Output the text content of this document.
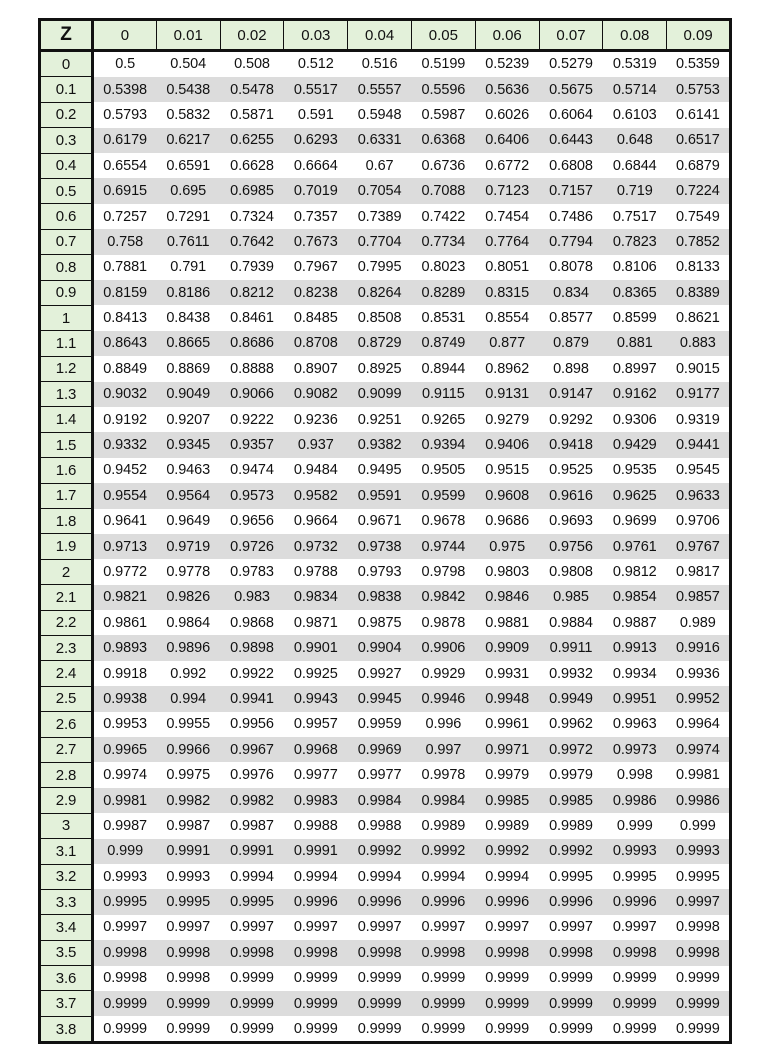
Z	0	0.01	0.02	0.03	0.04	0.05	0.06	0.07	0.08	0.09
0	0.5	0.504	0.508	0.512	0.516	0.5199	0.5239	0.5279	0.5319	0.5359
0.1	0.5398	0.5438	0.5478	0.5517	0.5557	0.5596	0.5636	0.5675	0.5714	0.5753
0.2	0.5793	0.5832	0.5871	0.591	0.5948	0.5987	0.6026	0.6064	0.6103	0.6141
0.3	0.6179	0.6217	0.6255	0.6293	0.6331	0.6368	0.6406	0.6443	0.648	0.6517
0.4	0.6554	0.6591	0.6628	0.6664	0.67	0.6736	0.6772	0.6808	0.6844	0.6879
0.5	0.6915	0.695	0.6985	0.7019	0.7054	0.7088	0.7123	0.7157	0.719	0.7224
0.6	0.7257	0.7291	0.7324	0.7357	0.7389	0.7422	0.7454	0.7486	0.7517	0.7549
0.7	0.758	0.7611	0.7642	0.7673	0.7704	0.7734	0.7764	0.7794	0.7823	0.7852
0.8	0.7881	0.791	0.7939	0.7967	0.7995	0.8023	0.8051	0.8078	0.8106	0.8133
0.9	0.8159	0.8186	0.8212	0.8238	0.8264	0.8289	0.8315	0.834	0.8365	0.8389
1	0.8413	0.8438	0.8461	0.8485	0.8508	0.8531	0.8554	0.8577	0.8599	0.8621
1.1	0.8643	0.8665	0.8686	0.8708	0.8729	0.8749	0.877	0.879	0.881	0.883
1.2	0.8849	0.8869	0.8888	0.8907	0.8925	0.8944	0.8962	0.898	0.8997	0.9015
1.3	0.9032	0.9049	0.9066	0.9082	0.9099	0.9115	0.9131	0.9147	0.9162	0.9177
1.4	0.9192	0.9207	0.9222	0.9236	0.9251	0.9265	0.9279	0.9292	0.9306	0.9319
1.5	0.9332	0.9345	0.9357	0.937	0.9382	0.9394	0.9406	0.9418	0.9429	0.9441
1.6	0.9452	0.9463	0.9474	0.9484	0.9495	0.9505	0.9515	0.9525	0.9535	0.9545
1.7	0.9554	0.9564	0.9573	0.9582	0.9591	0.9599	0.9608	0.9616	0.9625	0.9633
1.8	0.9641	0.9649	0.9656	0.9664	0.9671	0.9678	0.9686	0.9693	0.9699	0.9706
1.9	0.9713	0.9719	0.9726	0.9732	0.9738	0.9744	0.975	0.9756	0.9761	0.9767
2	0.9772	0.9778	0.9783	0.9788	0.9793	0.9798	0.9803	0.9808	0.9812	0.9817
2.1	0.9821	0.9826	0.983	0.9834	0.9838	0.9842	0.9846	0.985	0.9854	0.9857
2.2	0.9861	0.9864	0.9868	0.9871	0.9875	0.9878	0.9881	0.9884	0.9887	0.989
2.3	0.9893	0.9896	0.9898	0.9901	0.9904	0.9906	0.9909	0.9911	0.9913	0.9916
2.4	0.9918	0.992	0.9922	0.9925	0.9927	0.9929	0.9931	0.9932	0.9934	0.9936
2.5	0.9938	0.994	0.9941	0.9943	0.9945	0.9946	0.9948	0.9949	0.9951	0.9952
2.6	0.9953	0.9955	0.9956	0.9957	0.9959	0.996	0.9961	0.9962	0.9963	0.9964
2.7	0.9965	0.9966	0.9967	0.9968	0.9969	0.997	0.9971	0.9972	0.9973	0.9974
2.8	0.9974	0.9975	0.9976	0.9977	0.9977	0.9978	0.9979	0.9979	0.998	0.9981
2.9	0.9981	0.9982	0.9982	0.9983	0.9984	0.9984	0.9985	0.9985	0.9986	0.9986
3	0.9987	0.9987	0.9987	0.9988	0.9988	0.9989	0.9989	0.9989	0.999	0.999
3.1	0.999	0.9991	0.9991	0.9991	0.9992	0.9992	0.9992	0.9992	0.9993	0.9993
3.2	0.9993	0.9993	0.9994	0.9994	0.9994	0.9994	0.9994	0.9995	0.9995	0.9995
3.3	0.9995	0.9995	0.9995	0.9996	0.9996	0.9996	0.9996	0.9996	0.9996	0.9997
3.4	0.9997	0.9997	0.9997	0.9997	0.9997	0.9997	0.9997	0.9997	0.9997	0.9998
3.5	0.9998	0.9998	0.9998	0.9998	0.9998	0.9998	0.9998	0.9998	0.9998	0.9998
3.6	0.9998	0.9998	0.9999	0.9999	0.9999	0.9999	0.9999	0.9999	0.9999	0.9999
3.7	0.9999	0.9999	0.9999	0.9999	0.9999	0.9999	0.9999	0.9999	0.9999	0.9999
3.8	0.9999	0.9999	0.9999	0.9999	0.9999	0.9999	0.9999	0.9999	0.9999	0.9999
